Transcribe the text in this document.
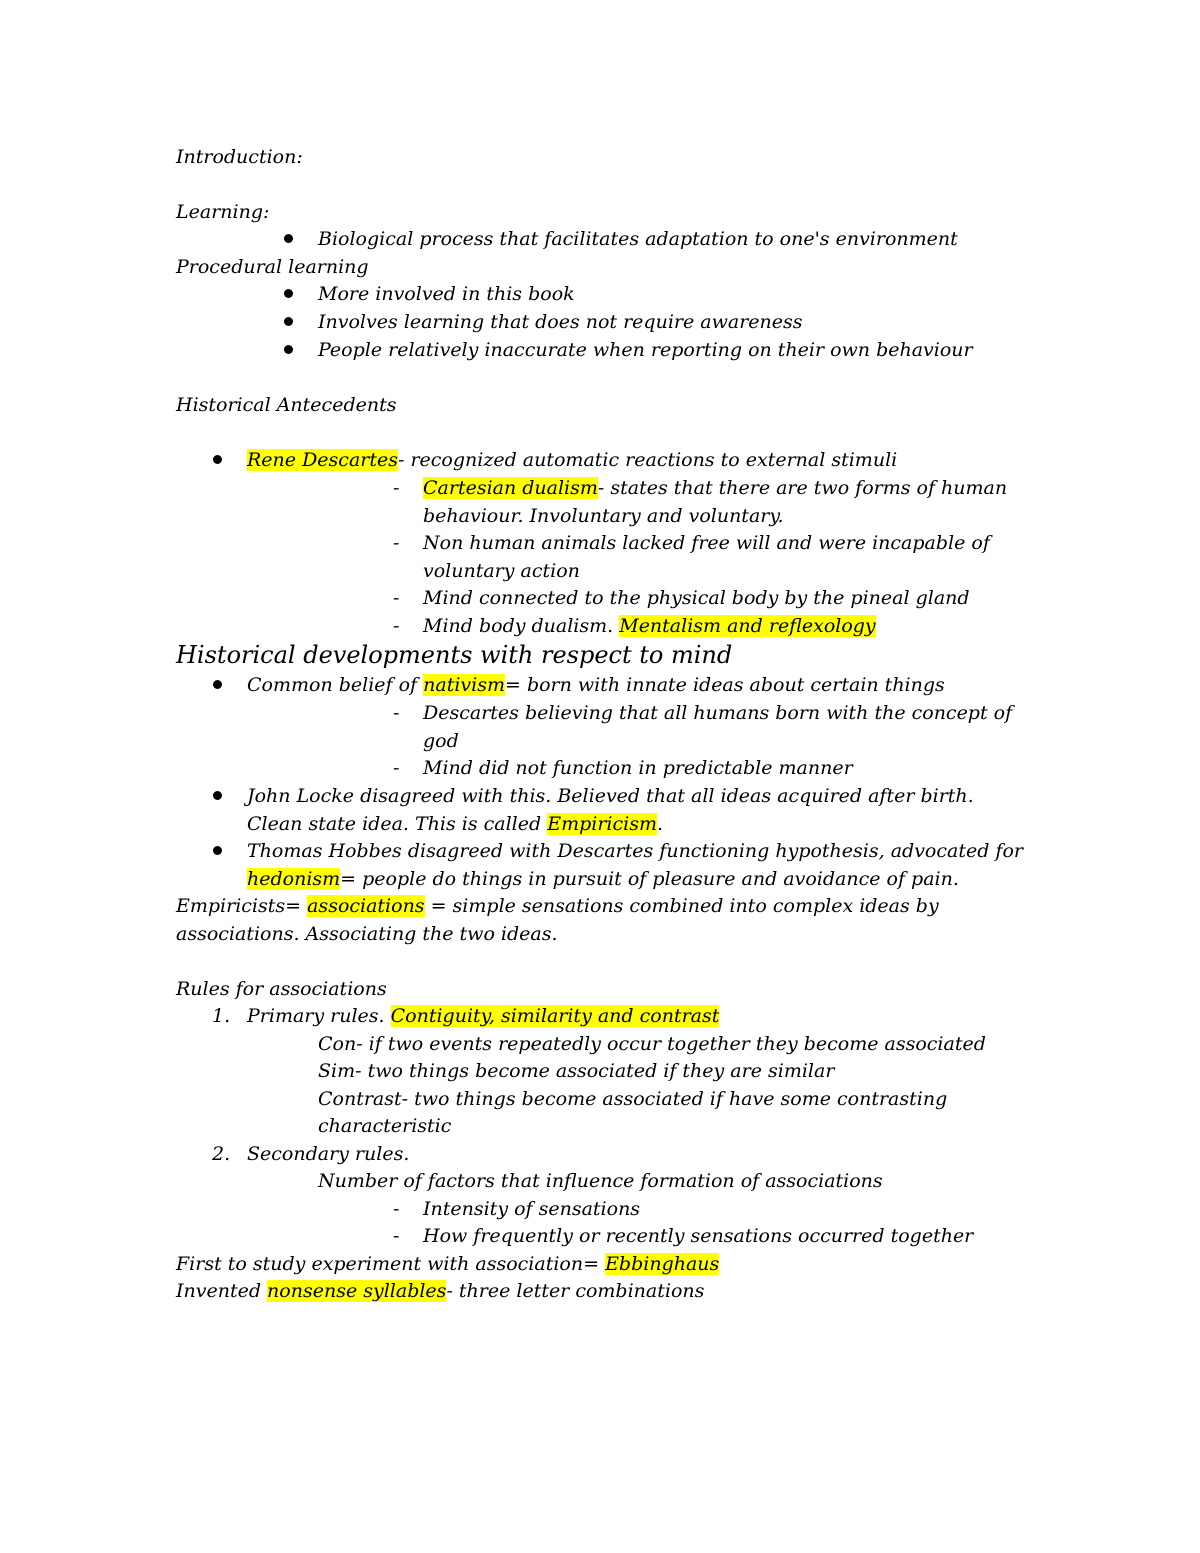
Introduction:
Learning:
Biological process that facilitates adaptation to one's environment
Procedural learning
More involved in this book
Involves learning that does not require awareness
People relatively inaccurate when reporting on their own behaviour
Historical Antecedents
Rene Descartes- recognized automatic reactions to external stimuli
- Cartesian dualism- states that there are two forms of human
behaviour. Involuntary and voluntary.
- Non human animals lacked free will and were incapable of
voluntary action
- Mind connected to the physical body by the pineal gland
- Mind body dualism. Mentalism and reflexology
Historical developments with respect to mind
Common belief of nativism= born with innate ideas about certain things
- Descartes believing that all humans born with the concept of
god
- Mind did not function in predictable manner
John Locke disagreed with this. Believed that all ideas acquired after birth.
Clean state idea. This is called Empiricism.
Thomas Hobbes disagreed with Descartes functioning hypothesis, advocated for
hedonism= people do things in pursuit of pleasure and avoidance of pain.
Empiricists= associations = simple sensations combined into complex ideas by
associations. Associating the two ideas.
Rules for associations
1. Primary rules. Contiguity, similarity and contrast
Con- if two events repeatedly occur together they become associated
Sim- two things become associated if they are similar
Contrast- two things become associated if have some contrasting
characteristic
2. Secondary rules.
Number of factors that influence formation of associations
- Intensity of sensations
- How frequently or recently sensations occurred together
First to study experiment with association= Ebbinghaus
Invented nonsense syllables- three letter combinations
